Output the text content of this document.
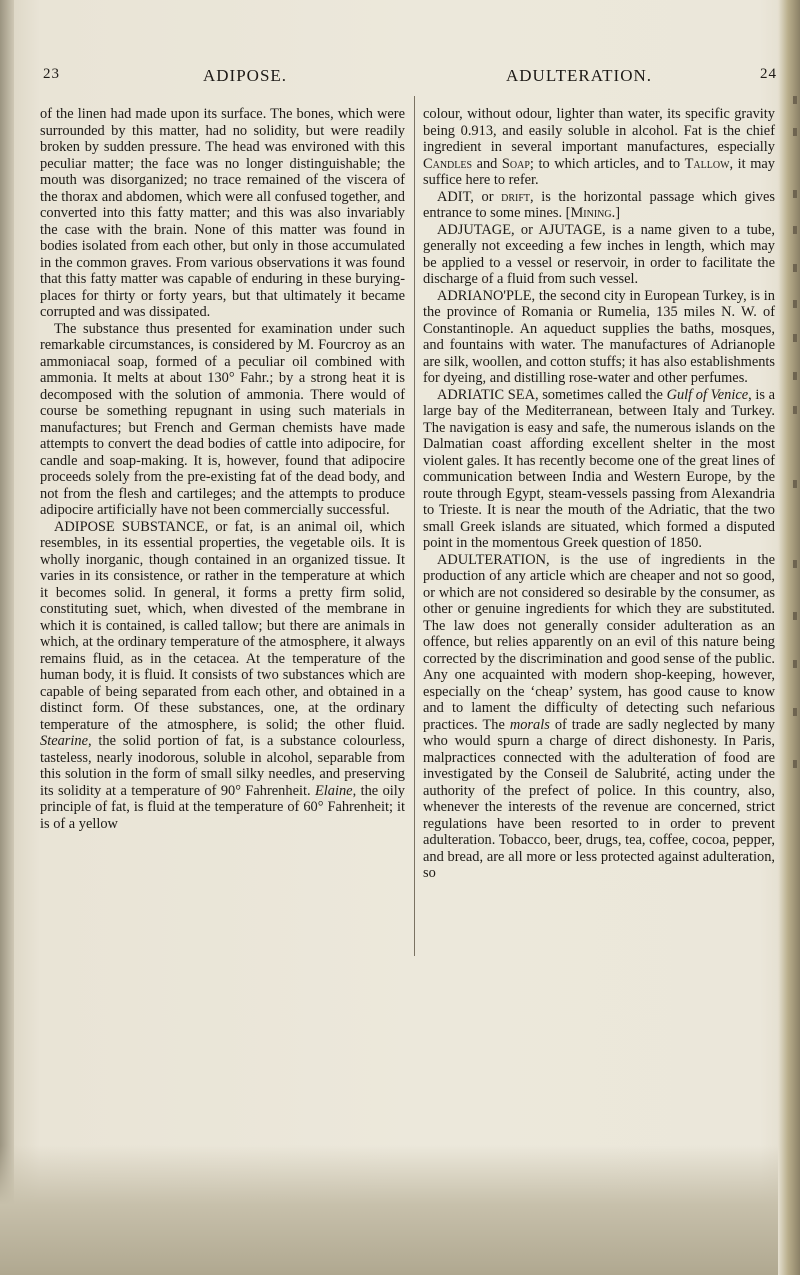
23	ADIPOSE.	ADULTERATION.	24

of the linen had made upon its surface. The bones, which were surrounded by this matter, had no solidity, but were readily broken by sudden pressure. The head was environed with this peculiar matter; the face was no longer distinguishable; the mouth was disorganized; no trace remained of the viscera of the thorax and abdomen, which were all confused together, and converted into this fatty matter; and this was also invariably the case with the brain. None of this matter was found in bodies isolated from each other, but only in those accumulated in the common graves. From various observations it was found that this fatty matter was capable of enduring in these burying-places for thirty or forty years, but that ultimately it became corrupted and was dissipated.

The substance thus presented for examination under such remarkable circumstances, is considered by M. Fourcroy as an ammoniacal soap, formed of a peculiar oil combined with ammonia. It melts at about 130° Fahr.; by a strong heat it is decomposed with the solution of ammonia. There would of course be something repugnant in using such materials in manufactures; but French and German chemists have made attempts to convert the dead bodies of cattle into adipocire, for candle and soap-making. It is, however, found that adipocire proceeds solely from the pre-existing fat of the dead body, and not from the flesh and cartileges; and the attempts to produce adipocire artificially have not been commercially successful.

ADIPOSE SUBSTANCE, or fat, is an animal oil, which resembles, in its essential properties, the vegetable oils. It is wholly inorganic, though contained in an organized tissue. It varies in its consistence, or rather in the temperature at which it becomes solid. In general, it forms a pretty firm solid, constituting suet, which, when divested of the membrane in which it is contained, is called tallow; but there are animals in which, at the ordinary temperature of the atmosphere, it always remains fluid, as in the cetacea. At the temperature of the human body, it is fluid. It consists of two substances which are capable of being separated from each other, and obtained in a distinct form. Of these substances, one, at the ordinary temperature of the atmosphere, is solid; the other fluid. Stearine, the solid portion of fat, is a substance colourless, tasteless, nearly inodorous, soluble in alcohol, separable from this solution in the form of small silky needles, and preserving its solidity at a temperature of 90° Fahrenheit. Elaine, the oily principle of fat, is fluid at the temperature of 60° Fahrenheit; it is of a yellow

colour, without odour, lighter than water, its specific gravity being 0.913, and easily soluble in alcohol. Fat is the chief ingredient in several important manufactures, especially Candles and Soap; to which articles, and to Tallow, it may suffice here to refer.

ADIT, or drift, is the horizontal passage which gives entrance to some mines. [Mining.]

ADJUTAGE, or AJUTAGE, is a name given to a tube, generally not exceeding a few inches in length, which may be applied to a vessel or reservoir, in order to facilitate the discharge of a fluid from such vessel.

ADRIANO'PLE, the second city in European Turkey, is in the province of Romania or Rumelia, 135 miles N. W. of Constantinople. An aqueduct supplies the baths, mosques, and fountains with water. The manufactures of Adrianople are silk, woollen, and cotton stuffs; it has also establishments for dyeing, and distilling rose-water and other perfumes.

ADRIATIC SEA, sometimes called the Gulf of Venice, is a large bay of the Mediterranean, between Italy and Turkey. The navigation is easy and safe, the numerous islands on the Dalmatian coast affording excellent shelter in the most violent gales. It has recently become one of the great lines of communication between India and Western Europe, by the route through Egypt, steam-vessels passing from Alexandria to Trieste. It is near the mouth of the Adriatic, that the two small Greek islands are situated, which formed a disputed point in the momentous Greek question of 1850.

ADULTERATION, is the use of ingredients in the production of any article which are cheaper and not so good, or which are not considered so desirable by the consumer, as other or genuine ingredients for which they are substituted. The law does not generally consider adulteration as an offence, but relies apparently on an evil of this nature being corrected by the discrimination and good sense of the public. Any one acquainted with modern shop-keeping, however, especially on the ‘cheap’ system, has good cause to know and to lament the difficulty of detecting such nefarious practices. The morals of trade are sadly neglected by many who would spurn a charge of direct dishonesty. In Paris, malpractices connected with the adulteration of food are investigated by the Conseil de Salubrité, acting under the authority of the prefect of police. In this country, also, whenever the interests of the revenue are concerned, strict regulations have been resorted to in order to prevent adulteration. Tobacco, beer, drugs, tea, coffee, cocoa, pepper, and bread, are all more or less protected against adulteration, so
